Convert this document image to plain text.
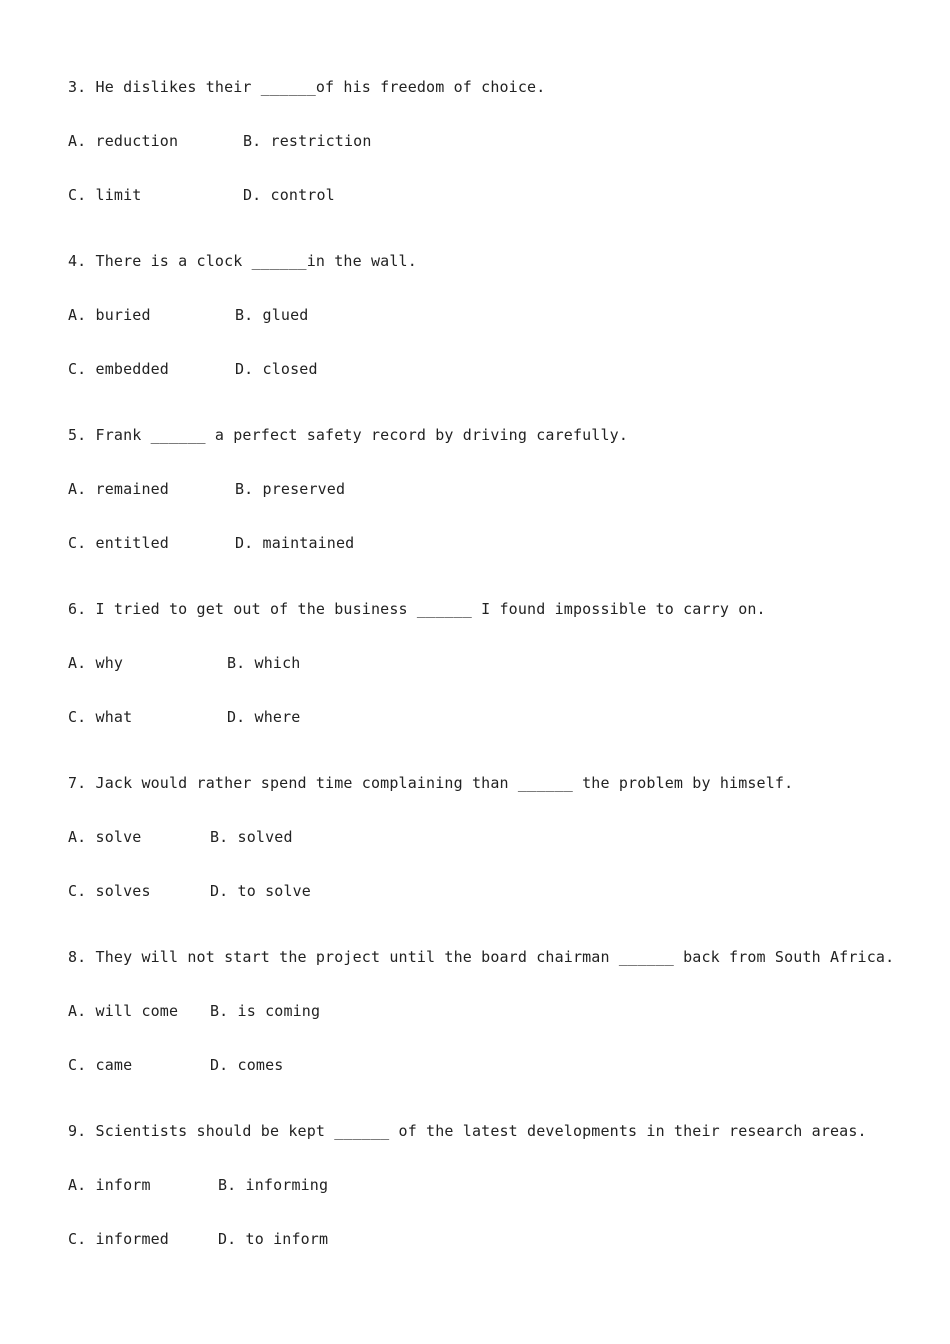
3. He dislikes their ______of his freedom of choice.
A. reduction	B. restriction
C. limit	D. control
4. There is a clock ______in the wall.
A. buried	B. glued
C. embedded	D. closed
5. Frank ______ a perfect safety record by driving carefully.
A. remained	B. preserved
C. entitled	D. maintained
6. I tried to get out of the business ______ I found impossible to carry on.
A. why	B. which
C. what	D. where
7. Jack would rather spend time complaining than ______ the problem by himself.
A. solve	B. solved
C. solves	D. to solve
8. They will not start the project until the board chairman ______ back from South Africa.
A. will come B. is coming
C. came	D. comes
9. Scientists should be kept ______ of the latest developments in their research areas.
A. inform	B. informing
C. informed	D. to inform
